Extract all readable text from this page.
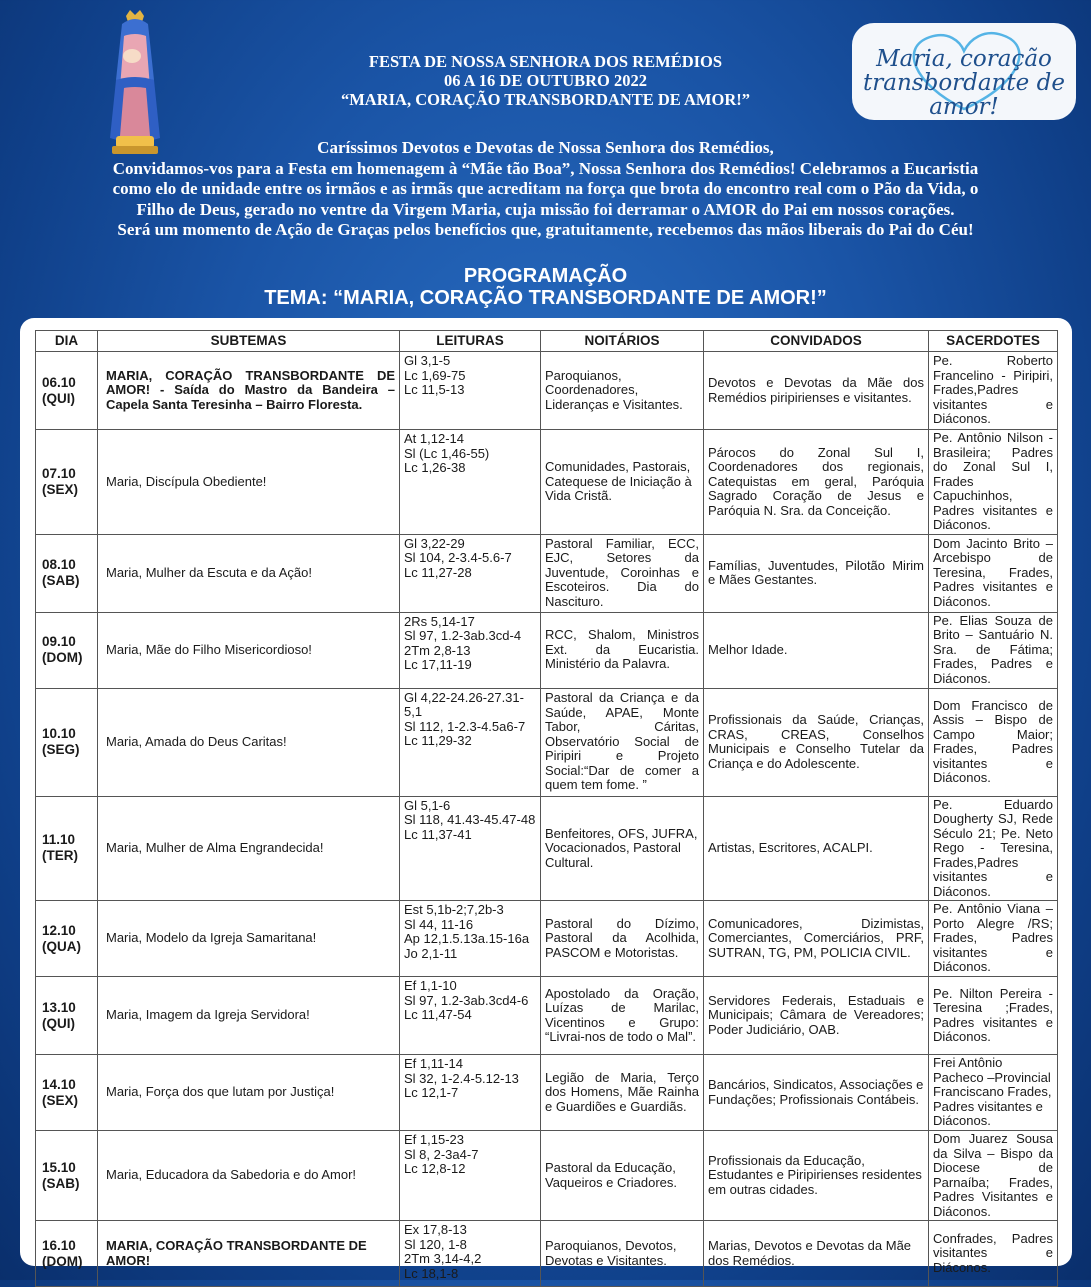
Maria, coração
transbordante de amor!
FESTA DE NOSSA SENHORA DOS REMÉDIOS
06 A 16 DE OUTUBRO 2022
“MARIA, CORAÇÃO TRANSBORDANTE DE AMOR!”
Caríssimos Devotos e Devotas de Nossa Senhora dos Remédios,
Convidamos-vos para a Festa em homenagem à “Mãe tão Boa”, Nossa Senhora dos Remédios! Celebramos a Eucaristia
como elo de unidade entre os irmãos e as irmãs que acreditam na força que brota do encontro real com o Pão da Vida, o
Filho de Deus, gerado no ventre da Virgem Maria, cuja missão foi derramar o AMOR do Pai em nossos corações.
Será um momento de Ação de Graças pelos benefícios que, gratuitamente, recebemos das mãos liberais do Pai do Céu!
PROGRAMAÇÃO
TEMA: “MARIA, CORAÇÃO TRANSBORDANTE DE AMOR!”
DIA	SUBTEMAS	LEITURAS	NOITÁRIOS	CONVIDADOS	SACERDOTES

06.10
(QUI)	MARIA, CORAÇÃO TRANSBORDANTE DE AMOR! - Saída do Mastro da Bandeira – Capela Santa Teresinha – Bairro Floresta.	Gl 3,1-5
Lc 1,69-75
Lc 11,5-13	Paroquianos, Coordenadores, Lideranças e Visitantes.	Devotos e Devotas da Mãe dos Remédios piripirienses e visitantes.	Pe. Roberto Francelino - Piripiri, Frades,Padres visitantes e Diáconos.

07.10
(SEX)	Maria, Discípula Obediente!	At 1,12-14
Sl (Lc 1,46-55)
Lc 1,26-38	Comunidades, Pastorais, Catequese de Iniciação à Vida Cristã.	Párocos do Zonal Sul I, Coordenadores dos regionais, Catequistas em geral, Paróquia Sagrado Coração de Jesus e Paróquia N. Sra. da Conceição.	Pe. Antônio Nilson - Brasileira; Padres do Zonal Sul I, Frades Capuchinhos, Padres visitantes e Diáconos.

08.10
(SAB)	Maria, Mulher da Escuta e da Ação!	Gl 3,22-29
Sl 104, 2-3.4-5.6-7
Lc 11,27-28	Pastoral Familiar, ECC, EJC, Setores da Juventude, Coroinhas e Escoteiros. Dia do Nascituro.	Famílias, Juventudes, Pilotão Mirim e Mães Gestantes.	Dom Jacinto Brito – Arcebispo de Teresina, Frades, Padres visitantes e Diáconos.

09.10
(DOM)	Maria, Mãe do Filho Misericordioso!	2Rs 5,14-17
Sl 97, 1.2-3ab.3cd-4
2Tm 2,8-13
Lc 17,11-19	RCC, Shalom, Ministros Ext. da Eucaristia. Ministério da Palavra.	Melhor Idade.	Pe. Elias Souza de Brito – Santuário N. Sra. de Fátima; Frades, Padres e Diáconos.

10.10
(SEG)	Maria, Amada do Deus Caritas!	Gl 4,22-24.26-27.31-5,1
Sl 112, 1-2.3-4.5a6-7
Lc 11,29-32	Pastoral da Criança e da Saúde, APAE, Monte Tabor, Cáritas, Observatório Social de Piripiri e Projeto Social:“Dar de comer a quem tem fome. ”	Profissionais da Saúde, Crianças, CRAS, CREAS, Conselhos Municipais e Conselho Tutelar da Criança e do Adolescente.	Dom Francisco de Assis – Bispo de Campo Maior; Frades, Padres visitantes e Diáconos.

11.10
(TER)	Maria, Mulher de Alma Engrandecida!	Gl 5,1-6
Sl 118, 41.43-45.47-48
Lc 11,37-41	Benfeitores, OFS, JUFRA, Vocacionados, Pastoral Cultural.	Artistas, Escritores, ACALPI.	Pe. Eduardo Dougherty SJ, Rede Século 21; Pe. Neto Rego - Teresina, Frades,Padres visitantes e Diáconos.

12.10
(QUA)	Maria, Modelo da Igreja Samaritana!	Est 5,1b-2;7,2b-3
Sl 44, 11-16
Ap 12,1.5.13a.15-16a
Jo 2,1-11	Pastoral do Dízimo, Pastoral da Acolhida, PASCOM e Motoristas.	Comunicadores, Dizimistas, Comerciantes, Comerciários, PRF, SUTRAN, TG, PM, POLICIA CIVIL.	Pe. Antônio Viana – Porto Alegre /RS; Frades, Padres visitantes e Diáconos.

13.10
(QUI)	Maria, Imagem da Igreja Servidora!	Ef 1,1-10
Sl 97, 1.2-3ab.3cd4-6
Lc 11,47-54	Apostolado da Oração, Luízas de Marilac, Vicentinos e Grupo: “Livrai-nos de todo o Mal”.	Servidores Federais, Estaduais e Municipais; Câmara de Vereadores; Poder Judiciário, OAB.	Pe. Nilton Pereira - Teresina ;Frades, Padres visitantes e Diáconos.

14.10
(SEX)	Maria, Força dos que lutam por Justiça!	Ef 1,11-14
Sl 32, 1-2.4-5.12-13
Lc 12,1-7	Legião de Maria, Terço dos Homens, Mãe Rainha e Guardiões e Guardiãs.	Bancários, Sindicatos, Associações e Fundações; Profissionais Contábeis.	Frei Antônio Pacheco –Provincial Franciscano Frades, Padres visitantes e Diáconos.

15.10
(SAB)	Maria, Educadora da Sabedoria e do Amor!	Ef 1,15-23
Sl 8, 2-3a4-7
Lc 12,8-12	Pastoral da Educação, Vaqueiros e Criadores.	Profissionais da Educação, Estudantes e Piripirienses residentes em outras cidades.	Dom Juarez Sousa da Silva – Bispo da Diocese de Parnaíba; Frades, Padres Visitantes e Diáconos.

16.10
(DOM)	MARIA, CORAÇÃO TRANSBORDANTE DE AMOR!	Ex 17,8-13
Sl 120, 1-8
2Tm 3,14-4,2
Lc 18,1-8	Paroquianos, Devotos, Devotas e Visitantes.	Marias, Devotos e Devotas da Mãe dos Remédios.	Confrades, Padres visitantes e Diáconos.
